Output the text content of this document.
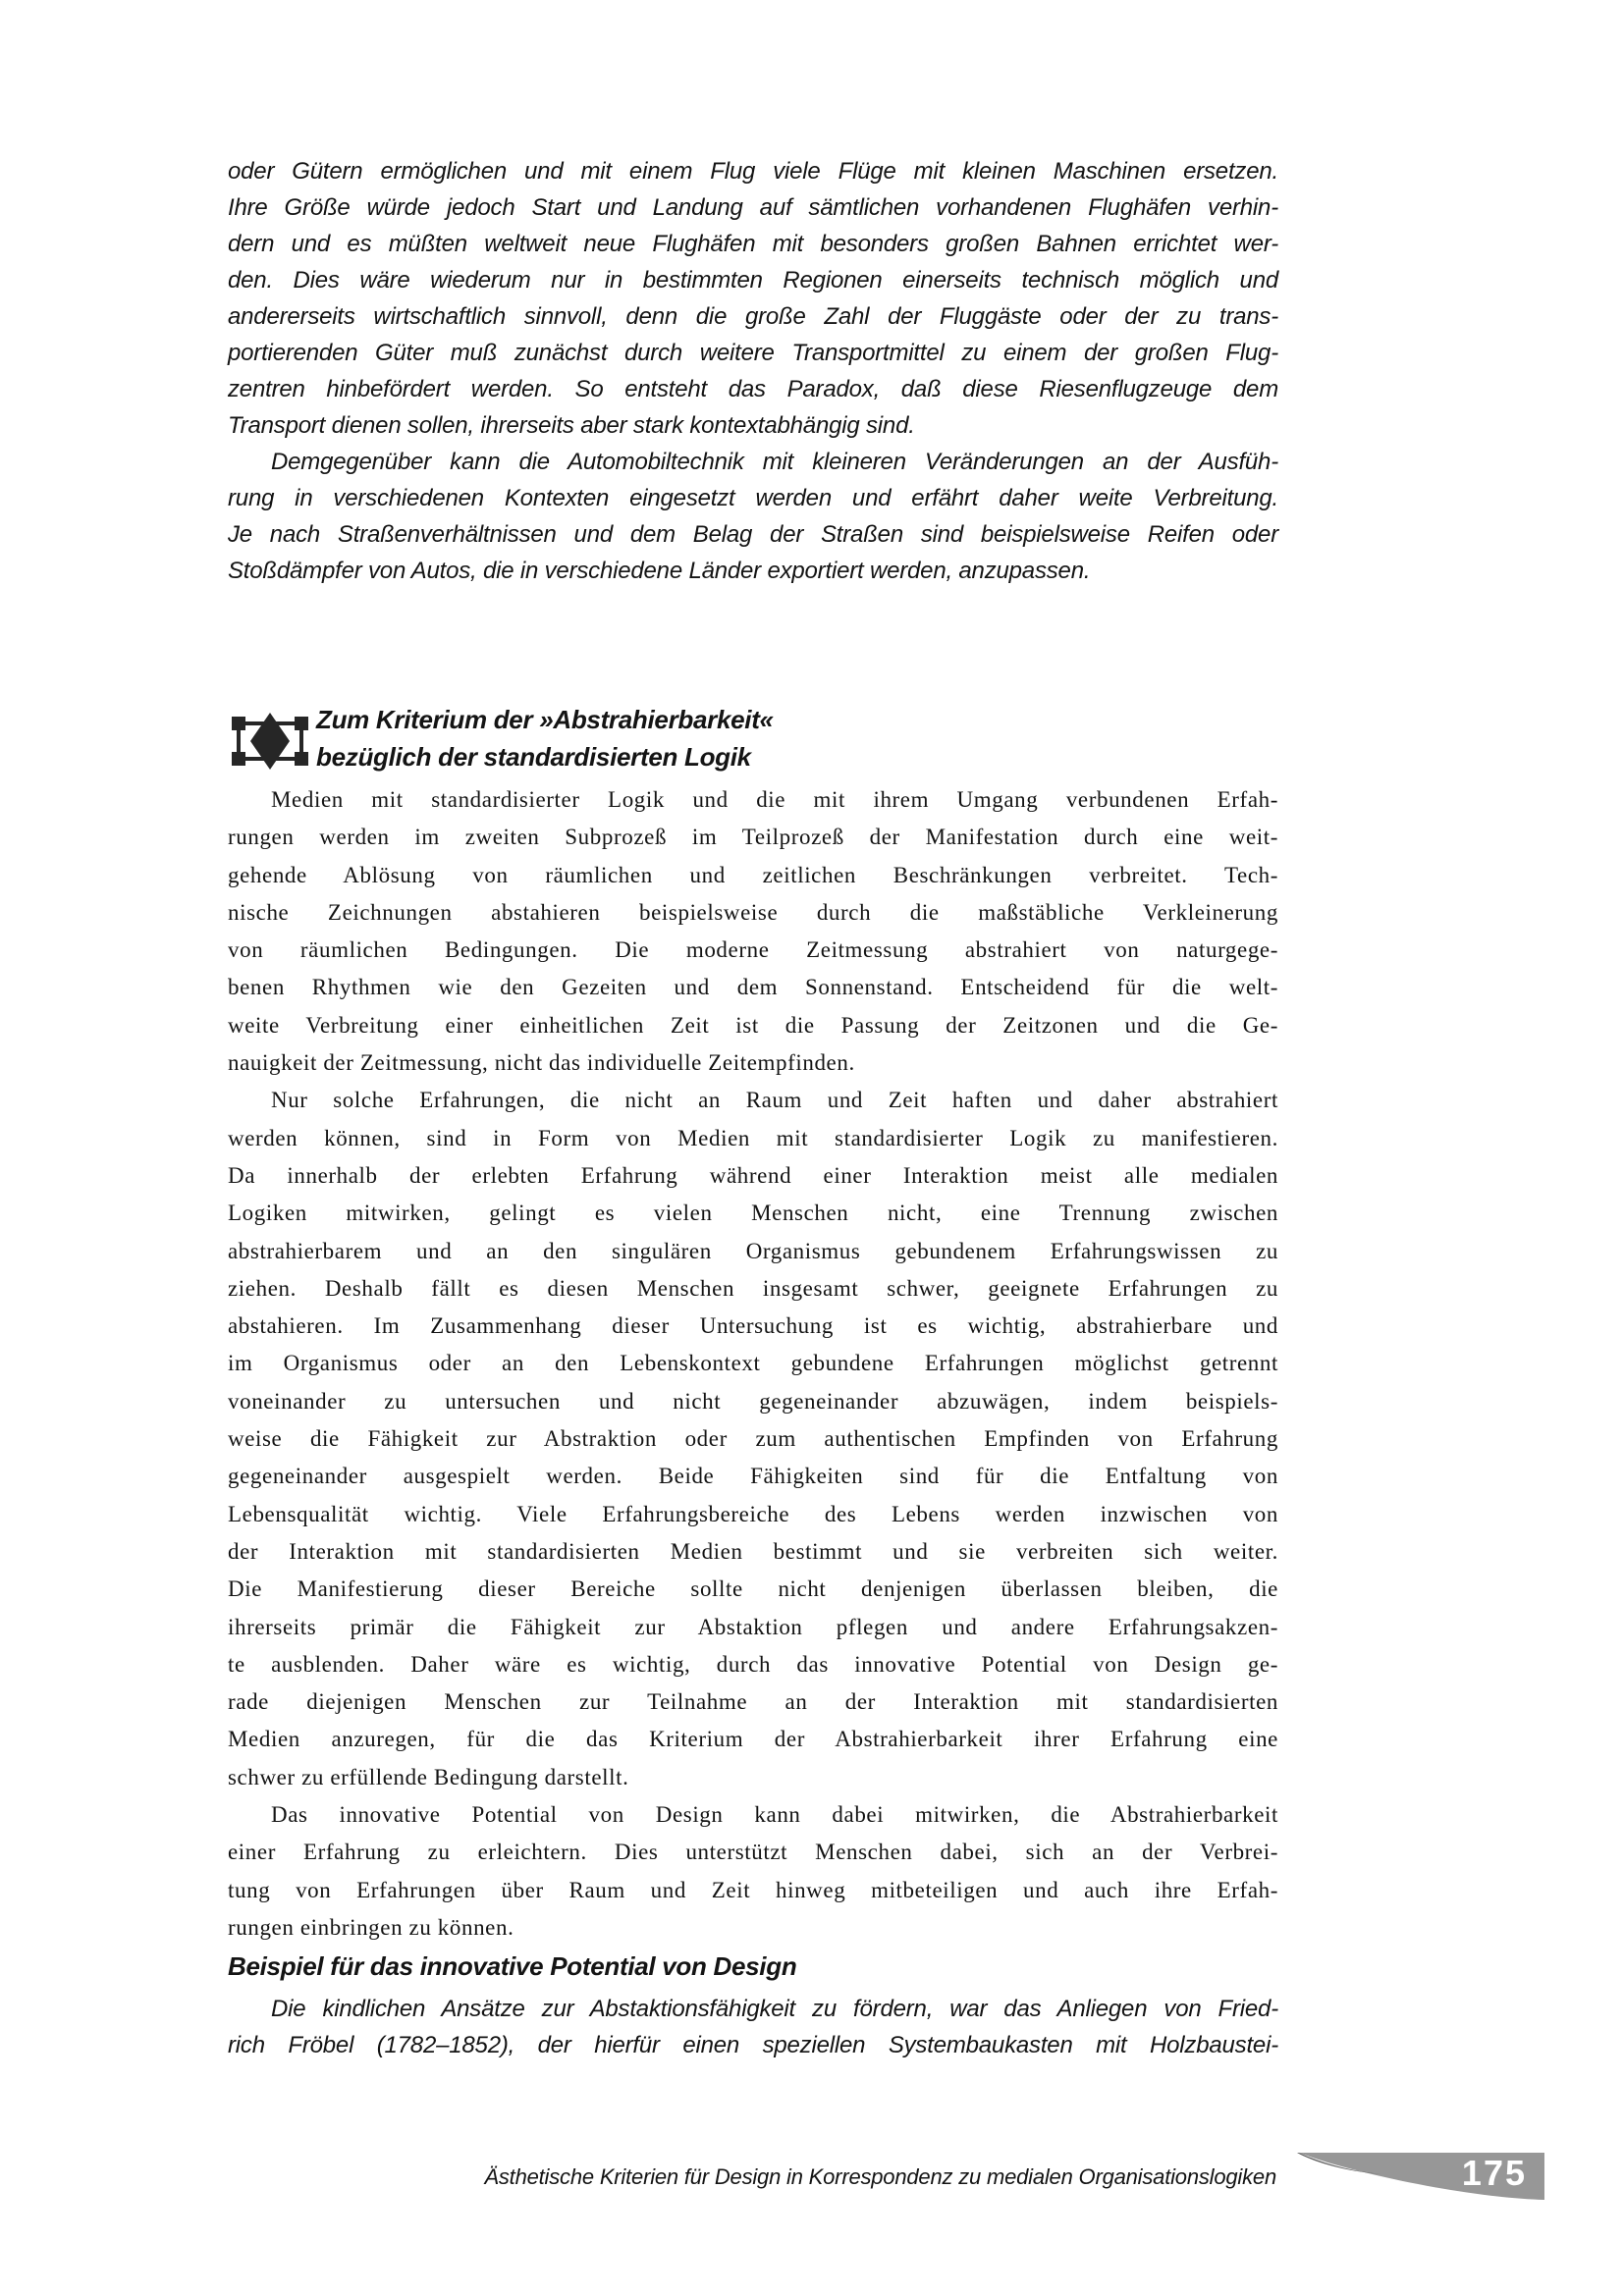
oder Gütern ermöglichen und mit einem Flug viele Flüge mit kleinen Maschinen ersetzen.
Ihre Größe würde jedoch Start und Landung auf sämtlichen vorhandenen Flughäfen verhin-
dern und es müßten weltweit neue Flughäfen mit besonders großen Bahnen errichtet wer-
den. Dies wäre wiederum nur in bestimmten Regionen einerseits technisch möglich und
andererseits wirtschaftlich sinnvoll, denn die große Zahl der Fluggäste oder der zu trans-
portierenden Güter muß zunächst durch weitere Transportmittel zu einem der großen Flug-
zentren hinbefördert werden. So entsteht das Paradox, daß diese Riesenflugzeuge dem
Transport dienen sollen, ihrerseits aber stark kontextabhängig sind.
Demgegenüber kann die Automobiltechnik mit kleineren Veränderungen an der Ausfüh-
rung in verschiedenen Kontexten eingesetzt werden und erfährt daher weite Verbreitung.
Je nach Straßenverhältnissen und dem Belag der Straßen sind beispielsweise Reifen oder
Stoßdämpfer von Autos, die in verschiedene Länder exportiert werden, anzupassen.
Zum Kriterium der »Abstrahierbarkeit«
bezüglich der standardisierten Logik
Medien mit standardisierter Logik und die mit ihrem Umgang verbundenen Erfah-
rungen werden im zweiten Subprozeß im Teilprozeß der Manifestation durch eine weit-
gehende Ablösung von räumlichen und zeitlichen Beschränkungen verbreitet. Tech-
nische Zeichnungen abstahieren beispielsweise durch die maßstäbliche Verkleinerung
von räumlichen Bedingungen. Die moderne Zeitmessung abstrahiert von naturgege-
benen Rhythmen wie den Gezeiten und dem Sonnenstand. Entscheidend für die welt-
weite Verbreitung einer einheitlichen Zeit ist die Passung der Zeitzonen und die Ge-
nauigkeit der Zeitmessung, nicht das individuelle Zeitempfinden.
Nur solche Erfahrungen, die nicht an Raum und Zeit haften und daher abstrahiert
werden können, sind in Form von Medien mit standardisierter Logik zu manifestieren.
Da innerhalb der erlebten Erfahrung während einer Interaktion meist alle medialen
Logiken mitwirken, gelingt es vielen Menschen nicht, eine Trennung zwischen
abstrahierbarem und an den singulären Organismus gebundenem Erfahrungswissen zu
ziehen. Deshalb fällt es diesen Menschen insgesamt schwer, geeignete Erfahrungen zu
abstahieren. Im Zusammenhang dieser Untersuchung ist es wichtig, abstrahierbare und
im Organismus oder an den Lebenskontext gebundene Erfahrungen möglichst getrennt
voneinander zu untersuchen und nicht gegeneinander abzuwägen, indem beispiels-
weise die Fähigkeit zur Abstraktion oder zum authentischen Empfinden von Erfahrung
gegeneinander ausgespielt werden. Beide Fähigkeiten sind für die Entfaltung von
Lebensqualität wichtig. Viele Erfahrungsbereiche des Lebens werden inzwischen von
der Interaktion mit standardisierten Medien bestimmt und sie verbreiten sich weiter.
Die Manifestierung dieser Bereiche sollte nicht denjenigen überlassen bleiben, die
ihrerseits primär die Fähigkeit zur Abstaktion pflegen und andere Erfahrungsakzen-
te ausblenden. Daher wäre es wichtig, durch das innovative Potential von Design ge-
rade diejenigen Menschen zur Teilnahme an der Interaktion mit standardisierten
Medien anzuregen, für die das Kriterium der Abstrahierbarkeit ihrer Erfahrung eine
schwer zu erfüllende Bedingung darstellt.
Das innovative Potential von Design kann dabei mitwirken, die Abstrahierbarkeit
einer Erfahrung zu erleichtern. Dies unterstützt Menschen dabei, sich an der Verbrei-
tung von Erfahrungen über Raum und Zeit hinweg mitbeteiligen und auch ihre Erfah-
rungen einbringen zu können.
Beispiel für das innovative Potential von Design
Die kindlichen Ansätze zur Abstaktionsfähigkeit zu fördern, war das Anliegen von Fried-
rich Fröbel (1782–1852), der hierfür einen speziellen Systembaukasten mit Holzbaustei-
Ästhetische Kriterien für Design in Korrespondenz zu medialen Organisationslogiken	175
